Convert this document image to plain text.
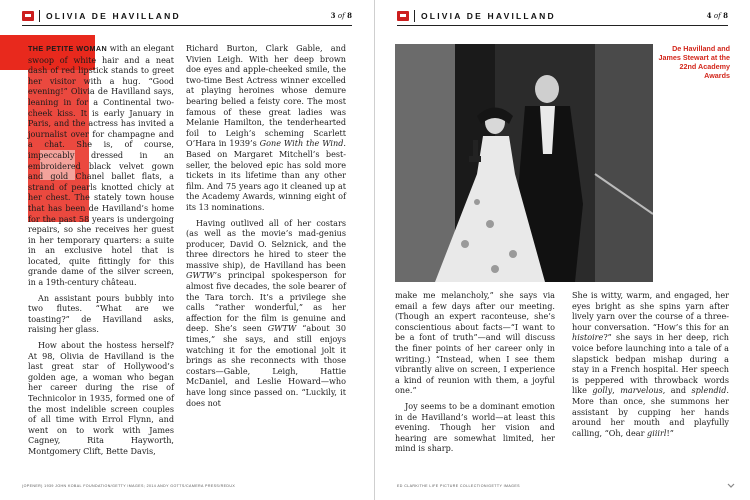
OLIVIA DE HAVILLAND	3 of 8

THE PETITE WOMAN with an elegant swoop of white hair and a neat dash of red lipstick stands to greet her visitor with a hug. “Good evening!” Olivia de Havilland says, leaning in for a Continental two-cheek kiss. It is early January in Paris, and the actress has invited a journalist over for champagne and a chat. She is, of course, impeccably dressed in an embroidered black velvet gown and gold Chanel ballet flats, a strand of pearls knotted chicly at her chest. The stately town house that has been de Havilland’s home for the past 58 years is undergoing repairs, so she receives her guest in her temporary quarters: a suite in an exclusive hotel that is located, quite fittingly for this grande dame of the silver screen, in a 19th-century château.

An assistant pours bubbly into two flutes. “What are we toasting?” de Havilland asks, raising her glass.

How about the hostess herself? At 98, Olivia de Havilland is the last great star of Hollywood’s golden age, a woman who began her career during the rise of Technicolor in 1935, formed one of the most indelible screen couples of all time with Errol Flynn, and went on to work with James Cagney, Rita Hayworth, Montgomery Clift, Bette Davis,

Richard Burton, Clark Gable, and Vivien Leigh. With her deep brown doe eyes and apple-cheeked smile, the two-time Best Actress winner excelled at playing heroines whose demure bearing belied a feisty core. The most famous of these great ladies was Melanie Hamilton, the tenderhearted foil to Leigh’s scheming Scarlett O’Hara in 1939’s Gone With the Wind. Based on Margaret Mitchell’s best-seller, the beloved epic has sold more tickets in its lifetime than any other film. And 75 years ago it cleaned up at the Academy Awards, winning eight of its 13 nominations.

Having outlived all of her costars (as well as the movie’s mad-genius producer, David O. Selznick, and the three directors he hired to steer the massive ship), de Havilland has been GWTW’s principal spokesperson for almost five decades, the sole bearer of the Tara torch. It’s a privilege she calls “rather wonderful,” as her affection for the film is genuine and deep. She’s seen GWTW “about 30 times,” she says, and still enjoys watching it for the emotional jolt it brings as she reconnects with those costars—Gable, Leigh, Hattie McDaniel, and Leslie Howard—who have long since passed on. “Luckily, it does not

(OPENER) 1939 JOHN KOBAL FOUNDATION/GETTY IMAGES; 2014 ANDY GOTTS/CAMERA PRESS/REDUX
OLIVIA DE HAVILLAND	4 of 8
De Havilland and James Stewart at the 22nd Academy Awards

make me melancholy,” she says via email a few days after our meeting. (Though an expert raconteuse, she’s conscientious about facts—“I want to be a font of truth”—and will discuss the finer points of her career only in writing.) “Instead, when I see them vibrantly alive on screen, I experience a kind of reunion with them, a joyful one.”

Joy seems to be a dominant emotion in de Havilland’s world—at least this evening. Though her vision and hearing are somewhat limited, her mind is sharp.

She is witty, warm, and engaged, her eyes bright as she spins yarn after lively yarn over the course of a three-hour conversation. “How’s this for an histoire?” she says in her deep, rich voice before launching into a tale of a slapstick bedpan mishap during a stay in a French hospital. Her speech is peppered with throwback words like golly, marvelous, and splendid. More than once, she summons her assistant by cupping her hands around her mouth and playfully calling, “Oh, dear giiirl!”

ED CLARK/THE LIFE PICTURE COLLECTION/GETTY IMAGES
